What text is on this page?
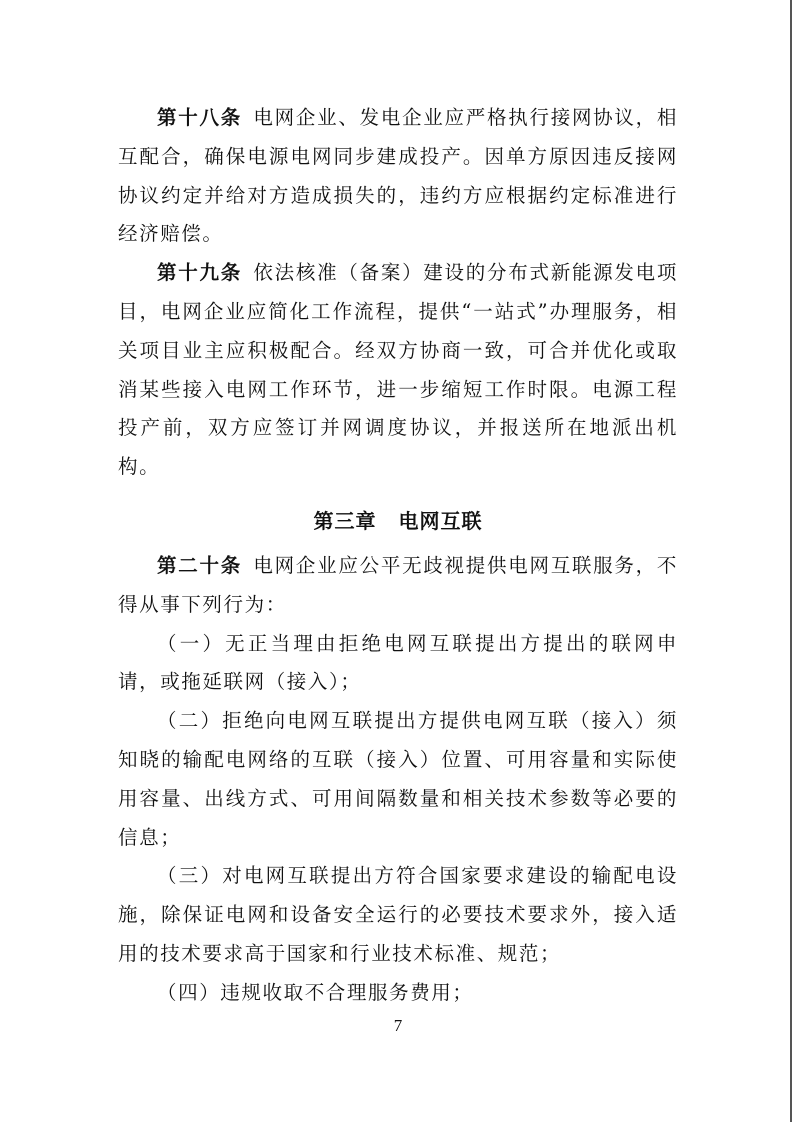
第十八条  电网企业、发电企业应严格执行接网协议，相互配合，确保电源电网同步建成投产。因单方原因违反接网协议约定并给对方造成损失的，违约方应根据约定标准进行经济赔偿。

第十九条  依法核准（备案）建设的分布式新能源发电项目，电网企业应简化工作流程，提供“一站式”办理服务，相关项目业主应积极配合。经双方协商一致，可合并优化或取消某些接入电网工作环节，进一步缩短工作时限。电源工程投产前，双方应签订并网调度协议，并报送所在地派出机构。

第三章 电网互联

第二十条  电网企业应公平无歧视提供电网互联服务，不得从事下列行为：

（一）无正当理由拒绝电网互联提出方提出的联网申请，或拖延联网（接入）；

（二）拒绝向电网互联提出方提供电网互联（接入）须知晓的输配电网络的互联（接入）位置、可用容量和实际使用容量、出线方式、可用间隔数量和相关技术参数等必要的信息；

（三）对电网互联提出方符合国家要求建设的输配电设施，除保证电网和设备安全运行的必要技术要求外，接入适用的技术要求高于国家和行业技术标准、规范；

（四）违规收取不合理服务费用；

7
